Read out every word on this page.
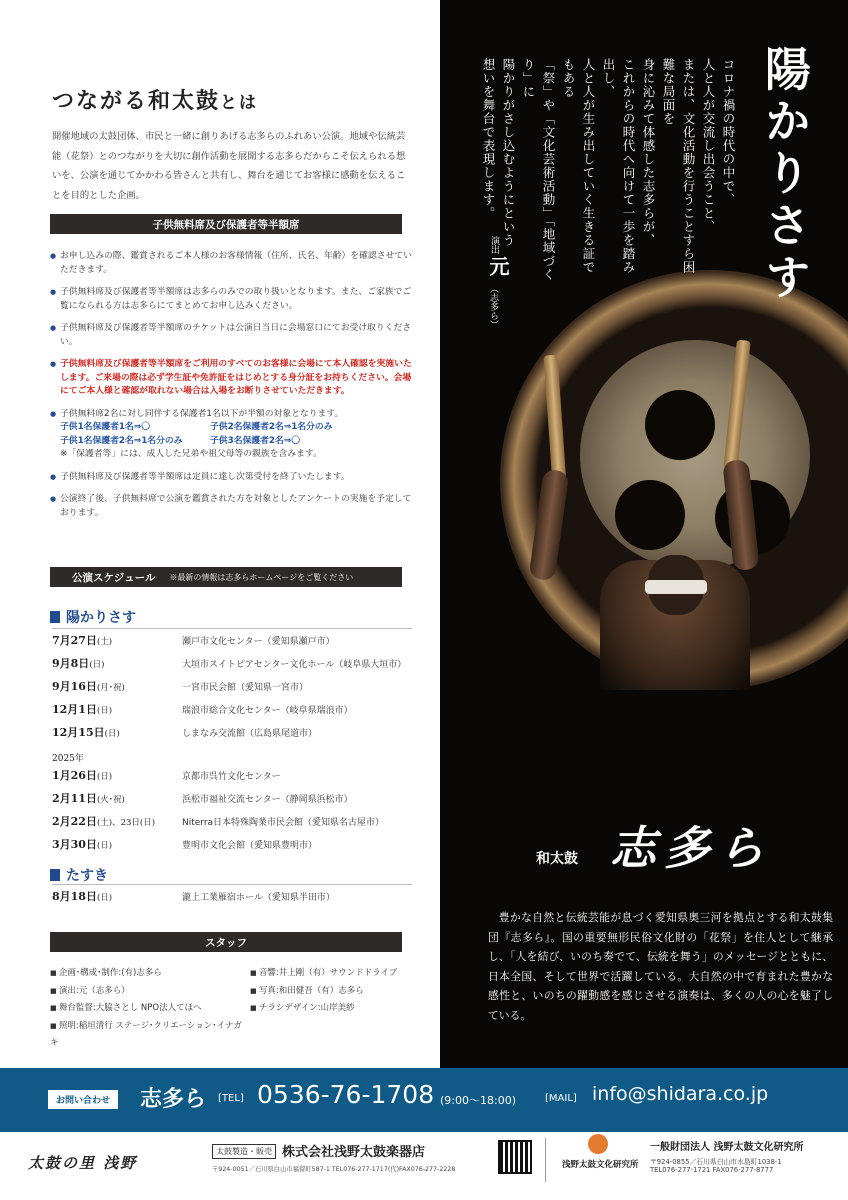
つながる和太鼓とは
開催地域の太鼓団体、市民と一緒に創りあげる志多らのふれあい公演。地域や伝統芸能（花祭）とのつながりを大切に創作活動を展開する志多らだからこそ伝えられる想いを、公演を通じてかかわる皆さんと共有し、舞台を通じてお客様に感動を伝えることを目的とした企画。
子供無料席及び保護者等半額席
● お申し込みの際、鑑賞されるご本人様のお客様情報（住所、氏名、年齢）を確認させていただきます。
● 子供無料席及び保護者等半額席は志多らのみでの取り扱いとなります。また、ご家族でご覧になられる方は志多らにてまとめてお申し込みください。
● 子供無料席及び保護者等半額席のチケットは公演日当日に会場窓口にてお受け取りください。
● 子供無料席及び保護者等半額席をご利用のすべてのお客様に会場にて本人確認を実施いたします。ご来場の際は必ず学生証や免許証をはじめとする身分証をお持ちください。会場にてご本人様と確認が取れない場合は入場をお断りさせていただきます。
● 子供無料席2名に対し同伴する保護者1名以下が半額の対象となります。
子供1名保護者1名⇒〇	子供2名保護者2名⇒1名分のみ
子供1名保護者2名⇒1名分のみ	子供3名保護者2名⇒〇
※「保護者等」には、成人した兄弟や祖父母等の親族を含みます。
● 子供無料席及び保護者等半額席は定員に達し次第受付を終了いたします。
● 公演終了後、子供無料席で公演を鑑賞された方を対象としたアンケートの実施を予定しております。
公演スケジュール ※最新の情報は志多らホームページをご覧ください
陽かりさす
7月27日(土)	瀬戸市文化センター（愛知県瀬戸市）
9月8日(日)	大垣市スイトピアセンター文化ホール（岐阜県大垣市）
9月16日(月･祝)	一宮市民会館（愛知県一宮市）
12月1日(日)	瑞浪市総合文化センター（岐阜県瑞浪市）
12月15日(日)	しまなみ交流館（広島県尾道市）
2025年
1月26日(日)	京都市呉竹文化センター
2月11日(火･祝)	浜松市福祉交流センター（静岡県浜松市）
2月22日(土)、23日(日)	Niterra日本特殊陶業市民会館（愛知県名古屋市）
3月30日(日)	豊明市文化会館（愛知県豊明市）
たすき
8月18日(日)	瀧上工業雁宿ホール（愛知県半田市）
スタッフ
■ 企画･構成･制作:(有)志多ら
■ 演出:元（志多ら）
■ 舞台監督:大脇さとし NPO法人てほへ
■ 照明:稲垣清行 ステージ･クリエーション･イナガキ
■ 音響:井上剛（有）サウンドドライブ
■ 写真:和田健吾（有）志多ら
■ チラシデザイン:山岸美紗
陽かりさす
コロナ禍の時代の中で、
人と人が交流し出会うこと、
または、文化活動を行うことすら困難な局面を
身に沁みて体感した志多らが、
これからの時代へ向けて一歩を踏み出し、
人と人が生み出していく生きる証でもある
「祭」や「文化芸術活動」「地域づくり」に
陽かりがさし込むようにという
想いを舞台で表現します。
演出
元
（志多ら）
和太鼓 志多ら
豊かな自然と伝統芸能が息づく愛知県奥三河を拠点とする和太鼓集団『志多ら』。国の重要無形民俗文化財の「花祭」を住人として継承し、「人を結び、いのち奏でて、伝統を舞う」のメッセージとともに、日本全国、そして世界で活躍している。大自然の中で育まれた豊かな感性と、いのちの躍動感を感じさせる演奏は、多くの人の心を魅了している。
お問い合わせ	志多ら [TEL] 0536-76-1708 (9:00〜18:00)	[MAIL] info@shidara.co.jp
太鼓の里 浅野
太鼓製造・販売 株式会社浅野太鼓楽器店
〒924-0051／石川県白山市福留町587-1 TEL076-277-1717(代)FAX076-277-2228	浅野太鼓文化研究所
一般財団法人 浅野太鼓文化研究所
〒924-0855／石川県白山市水島町1038-1
TEL076-277-1721 FAX076-277-8777
